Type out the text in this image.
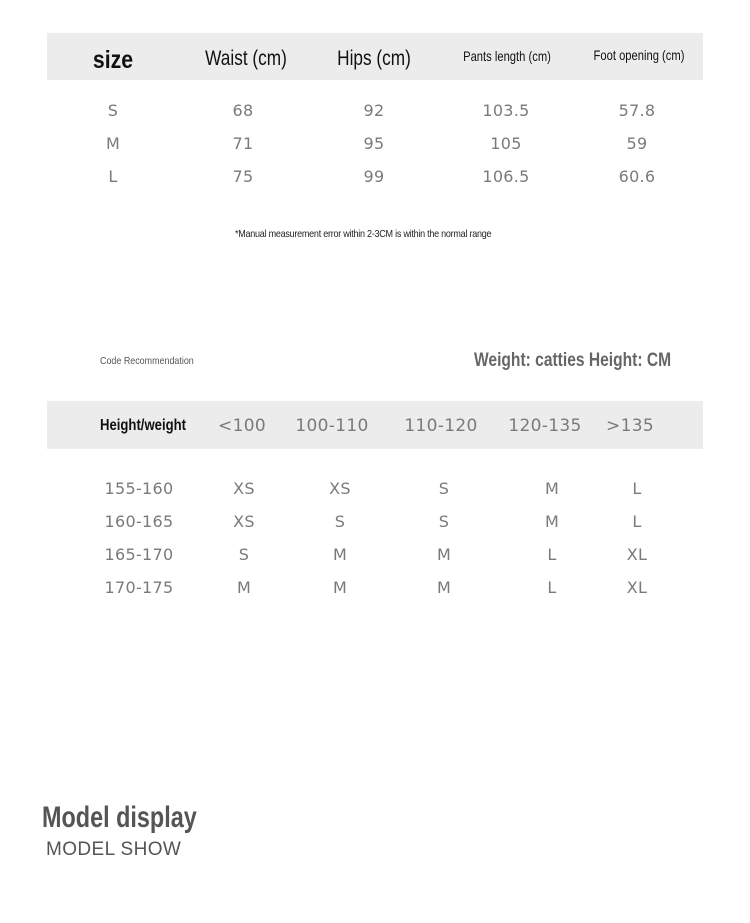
size	Waist (cm) Hips (cm)	Pants length (cm)	Foot opening (cm)
S	68	92	103.5	57.8
M	71	95	105	59
L	75	99	106.5	60.6
*Manual measurement error within 2-3CM is within the normal range
Code Recommendation	Weight: catties Height: CM
Height/weight <100 100-110 110-120 120-135 >135
155-160	XS	XS	S	M	L
160-165	XS	S	S	M	L
165-170	S	M	M	L	XL
170-175	M	M	M	L	XL
Model display
MODEL SHOW
